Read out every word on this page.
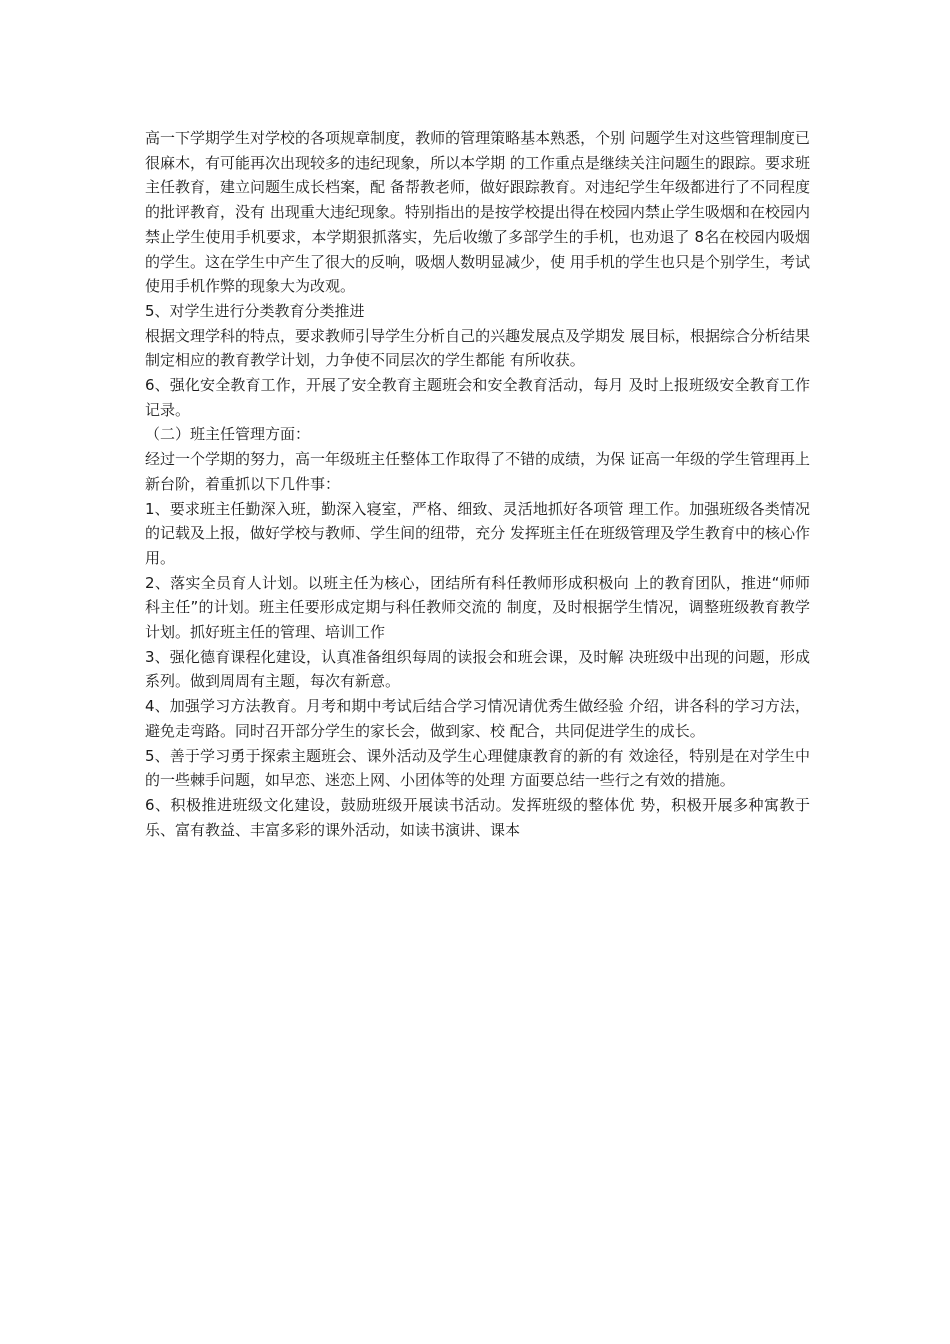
高一下学期学生对学校的各项规章制度，教师的管理策略基本熟悉，个别 问题学生对这些管理制度已很麻木，有可能再次出现较多的违纪现象，所以本学期 的工作重点是继续关注问题生的跟踪。要求班主任教育，建立问题生成长档案，配 备帮教老师，做好跟踪教育。对违纪学生年级都进行了不同程度的批评教育，没有 出现重大违纪现象。特别指出的是按学校提出得在校园内禁止学生吸烟和在校园内 禁止学生使用手机要求，本学期狠抓落实，先后收缴了多部学生的手机，也劝退了 8名在校园内吸烟的学生。这在学生中产生了很大的反响，吸烟人数明显减少，使 用手机的学生也只是个别学生，考试使用手机作弊的现象大为改观。

5、对学生进行分类教育分类推进

根据文理学科的特点，要求教师引导学生分析自己的兴趣发展点及学期发 展目标，根据综合分析结果制定相应的教育教学计划，力争使不同层次的学生都能 有所收获。

6、强化安全教育工作，开展了安全教育主题班会和安全教育活动，每月 及时上报班级安全教育工作记录。

（二）班主任管理方面：

经过一个学期的努力，高一年级班主任整体工作取得了不错的成绩，为保 证高一年级的学生管理再上新台阶，着重抓以下几件事：

1、要求班主任勤深入班，勤深入寝室，严格、细致、灵活地抓好各项管 理工作。加强班级各类情况的记载及上报，做好学校与教师、学生间的纽带，充分 发挥班主任在班级管理及学生教育中的核心作用。

2、落实全员育人计划。以班主任为核心，团结所有科任教师形成积极向 上的教育团队，推进“师师科主任”的计划。班主任要形成定期与科任教师交流的 制度，及时根据学生情况，调整班级教育教学计划。抓好班主任的管理、培训工作

3、强化德育课程化建设，认真准备组织每周的读报会和班会课，及时解 决班级中出现的问题，形成系列。做到周周有主题，每次有新意。

4、加强学习方法教育。月考和期中考试后结合学习情况请优秀生做经验 介绍，讲各科的学习方法，避免走弯路。同时召开部分学生的家长会，做到家、校 配合，共同促进学生的成长。

5、善于学习勇于探索主题班会、课外活动及学生心理健康教育的新的有 效途径，特别是在对学生中的一些棘手问题，如早恋、迷恋上网、小团体等的处理 方面要总结一些行之有效的措施。

6、积极推进班级文化建设，鼓励班级开展读书活动。发挥班级的整体优 势，积极开展多种寓教于乐、富有教益、丰富多彩的课外活动，如读书演讲、课本
